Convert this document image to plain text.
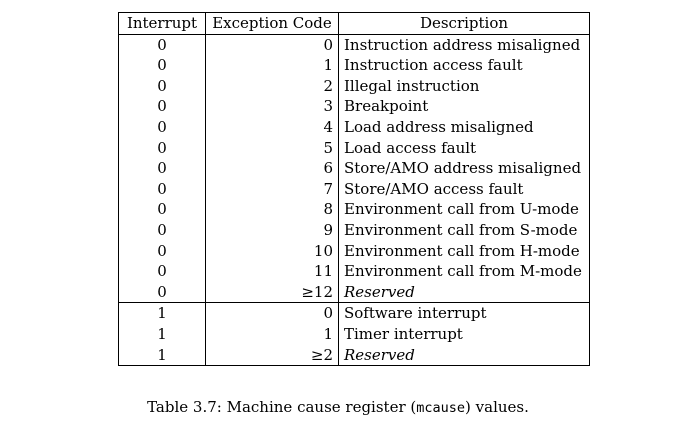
Interrupt	Exception Code	Description
0	0	Instruction address misaligned
0	1	Instruction access fault
0	2	Illegal instruction
0	3	Breakpoint
0	4	Load address misaligned
0	5	Load access fault
0	6	Store/AMO address misaligned
0	7	Store/AMO access fault
0	8	Environment call from U-mode
0	9	Environment call from S-mode
0	10	Environment call from H-mode
0	11	Environment call from M-mode
0	≥12	Reserved
1	0	Software interrupt
1	1	Timer interrupt
1	≥2	Reserved
Table 3.7: Machine cause register (mcause) values.
